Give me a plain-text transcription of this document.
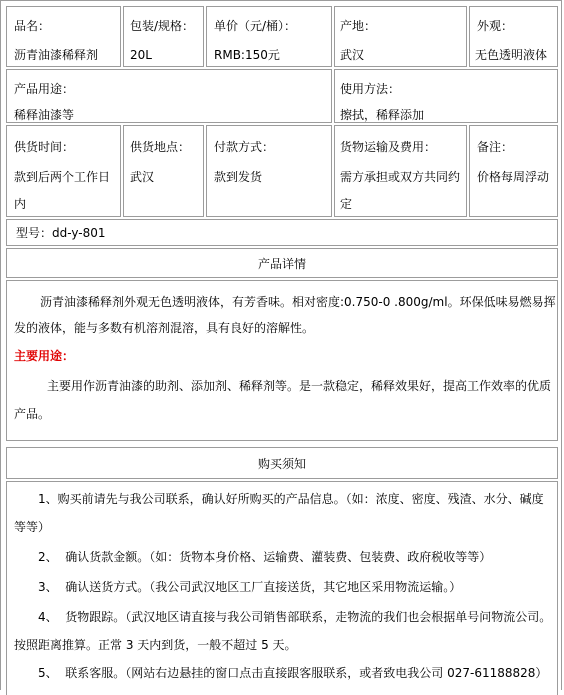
品名：
沥青油漆稀释剂
包装/规格：
20L
单价（元/桶）：
RMB:150元
产地：
武汉
外观：
无色透明液体
产品用途：
稀释油漆等
使用方法：
擦拭，稀释添加
供货时间：
款到后两个工作日
内
供货地点：
武汉
付款方式：
款到发货
货物运输及费用：
需方承担或双方共同约
定
备注：
价格每周浮动
型号：dd-y-801
产品详情
沥青油漆稀释剂外观无色透明液体，有芳香味。相对密度:0.750-0 .800g/ml。环保低味易燃易挥
发的液体，能与多数有机溶剂混溶，具有良好的溶解性。
主要用途：
主要用作沥青油漆的助剂、添加剂、稀释剂等。是一款稳定，稀释效果好，提高工作效率的优质
产品。
购买须知
1、购买前请先与我公司联系，确认好所购买的产品信息。（如：浓度、密度、残渣、水分、碱度
等等）
2、  确认货款金额。（如：货物本身价格、运输费、灌装费、包装费、政府税收等等）
3、  确认送货方式。（我公司武汉地区工厂直接送货，其它地区采用物流运输。）
4、  货物跟踪。（武汉地区请直接与我公司销售部联系，走物流的我们也会根据单号问物流公司。
按照距离推算。正常 3 天内到货，一般不超过 5 天。
5、  联系客服。（网站右边悬挂的窗口点击直接跟客服联系，或者致电我公司 027-61188828）
